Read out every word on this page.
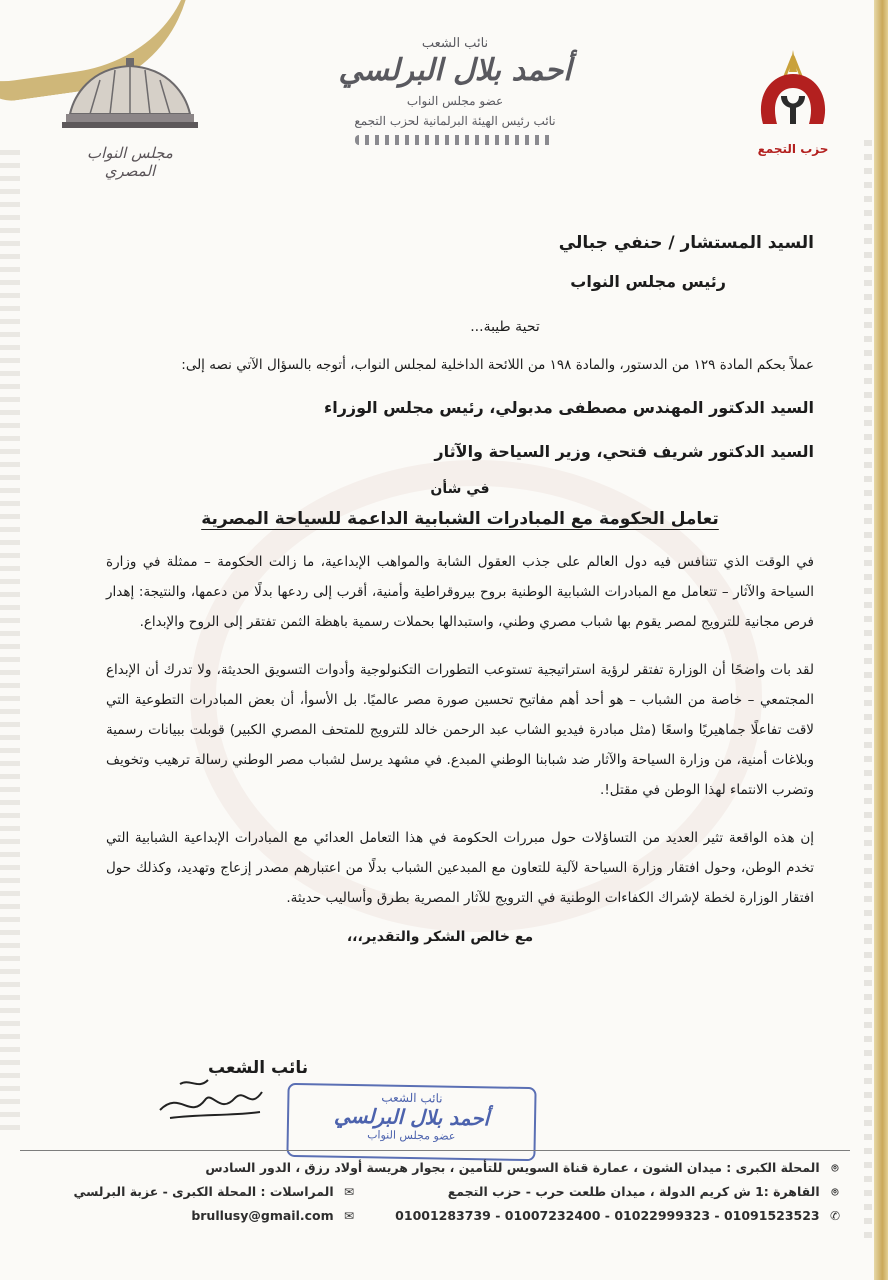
مجلس النواب المصري
نائب الشعب
أحمد بلال البرلسي
عضو مجلس النواب
نائب رئيس الهيئة البرلمانية لحزب التجمع
حزب التجمع
السيد المستشار / حنفي جبالي
رئيس مجلس النواب
تحية طيبة...
عملاً بحكم المادة ١٢٩ من الدستور، والمادة ١٩٨ من اللائحة الداخلية لمجلس النواب، أتوجه بالسؤال الآتي نصه إلى:
السيد الدكتور المهندس مصطفى مدبولي، رئيس مجلس الوزراء
السيد الدكتور شريف فتحي، وزير السياحة والآثار
في شأن
تعامل الحكومة مع المبادرات الشبابية الداعمة للسياحة المصرية
في الوقت الذي تتنافس فيه دول العالم على جذب العقول الشابة والمواهب الإبداعية، ما زالت الحكومة – ممثلة في وزارة السياحة والآثار – تتعامل مع المبادرات الشبابية الوطنية بروح بيروقراطية وأمنية، أقرب إلى ردعها بدلًا من دعمها، والنتيجة: إهدار فرص مجانية للترويج لمصر يقوم بها شباب مصري وطني، واستبدالها بحملات رسمية باهظة الثمن تفتقر إلى الروح والإبداع.
لقد بات واضحًا أن الوزارة تفتقر لرؤية استراتيجية تستوعب التطورات التكنولوجية وأدوات التسويق الحديثة، ولا تدرك أن الإبداع المجتمعي – خاصة من الشباب – هو أحد أهم مفاتيح تحسين صورة مصر عالميًا. بل الأسوأ، أن بعض المبادرات التطوعية التي لاقت تفاعلًا جماهيريًا واسعًا (مثل مبادرة فيديو الشاب عبد الرحمن خالد للترويج للمتحف المصري الكبير) قوبلت ببيانات رسمية وبلاغات أمنية، من وزارة السياحة والآثار ضد شبابنا الوطني المبدع. في مشهد يرسل لشباب مصر الوطني رسالة ترهيب وتخويف وتضرب الانتماء لهذا الوطن في مقتل!.
إن هذه الواقعة تثير العديد من التساؤلات حول مبررات الحكومة في هذا التعامل العدائي مع المبادرات الإبداعية الشبابية التي تخدم الوطن، وحول افتقار وزارة السياحة لآلية للتعاون مع المبدعين الشباب بدلًا من اعتبارهم مصدر إزعاج وتهديد، وكذلك حول افتقار الوزارة لخطة لإشراك الكفاءات الوطنية في الترويج للآثار المصرية بطرق وأساليب حديثة.
مع خالص الشكر والتقدير،،،
نائب الشعب
نائب الشعب
أحمد بلال البرلسي
عضو مجلس النواب
⌾ المحلة الكبرى : ميدان الشون ، عمارة قناة السويس للتأمين ، بجوار هريسة أولاد رزق ، الدور السادس
⌾ القاهرة :1 ش كريم الدولة ، ميدان طلعت حرب - حزب التجمع
✉ المراسلات : المحلة الكبرى - عزبة البرلسي
✆ 01091523523 - 01022999323 - 01007232400 - 01001283739
✉ brullusy@gmail.com
